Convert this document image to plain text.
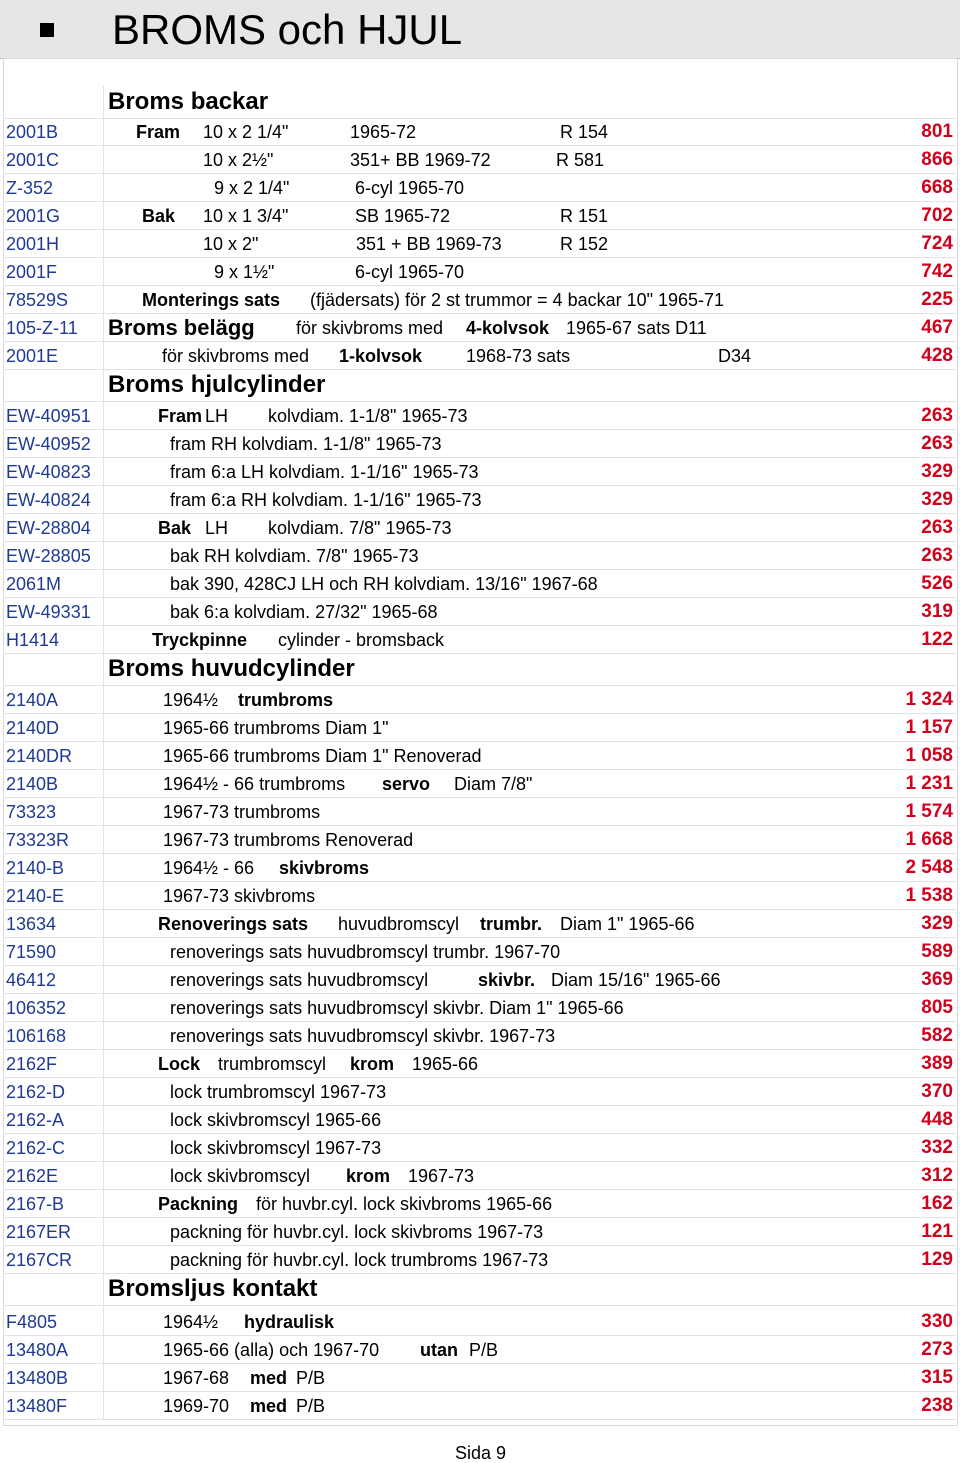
BROMS och HJUL
Broms backar
2001B	Fram 10 x 2 1/4"	1965-72	R 154	801
2001C	10 x 2½"	351+ BB 1969-72	R 581	866
Z-352	9 x 2 1/4"	6-cyl 1965-70	668
2001G	Bak 10 x 1 3/4"	SB 1965-72	R 151	702
2001H	10 x 2"	351 + BB 1969-73	R 152	724
2001F	9 x 1½"	6-cyl 1965-70	742
78529S	Monterings sats (fjädersats) för 2 st trummor = 4 backar 10" 1965-71	225
105-Z-11 Broms belägg för skivbroms med 4-kolvsok 1965-67 sats D11	467
2001E	för skivbroms med 1-kolvsok 1968-73 sats	D34	428
Broms hjulcylinder
EW-40951	Fram LH kolvdiam. 1-1/8" 1965-73	263
EW-40952	fram RH kolvdiam. 1-1/8" 1965-73	263
EW-40823	fram 6:a LH kolvdiam. 1-1/16" 1965-73	329
EW-40824	fram 6:a RH kolvdiam. 1-1/16" 1965-73	329
EW-28804	Bak LH kolvdiam. 7/8" 1965-73	263
EW-28805	bak RH kolvdiam. 7/8" 1965-73	263
2061M	bak 390, 428CJ LH och RH kolvdiam. 13/16" 1967-68	526
EW-49331	bak 6:a kolvdiam. 27/32" 1965-68	319
H1414	Tryckpinne cylinder - bromsback	122
Broms huvudcylinder
2140A	1964½ trumbroms	1 324
2140D	1965-66 trumbroms Diam 1"	1 157
2140DR	1965-66 trumbroms Diam 1" Renoverad	1 058
2140B	1964½ - 66 trumbroms servo Diam 7/8"	1 231
73323	1967-73 trumbroms	1 574
73323R	1967-73 trumbroms Renoverad	1 668
2140-B	1964½ - 66 skivbroms	2 548
2140-E	1967-73 skivbroms	1 538
13634	Renoverings sats huvudbromscyl trumbr. Diam 1" 1965-66	329
71590	renoverings sats huvudbromscyl trumbr. 1967-70	589
46412	renoverings sats huvudbromscyl	skivbr. Diam 15/16" 1965-66	369
106352	renoverings sats huvudbromscyl skivbr. Diam 1" 1965-66	805
106168	renoverings sats huvudbromscyl skivbr. 1967-73	582
2162F	Lock trumbromscyl krom 1965-66	389
2162-D	lock trumbromscyl 1967-73	370
2162-A	lock skivbromscyl 1965-66	448
2162-C	lock skivbromscyl 1967-73	332
2162E	lock skivbromscyl krom 1967-73	312
2167-B	Packning för huvbr.cyl. lock skivbroms 1965-66	162
2167ER	packning för huvbr.cyl. lock skivbroms 1967-73	121
2167CR	packning för huvbr.cyl. lock trumbroms 1967-73	129
Bromsljus kontakt
F4805	1964½ hydraulisk	330
13480A	1965-66 (alla) och 1967-70 utan P/B	273
13480B	1967-68 med P/B	315
13480F	1969-70 med P/B	238
Sida 9
